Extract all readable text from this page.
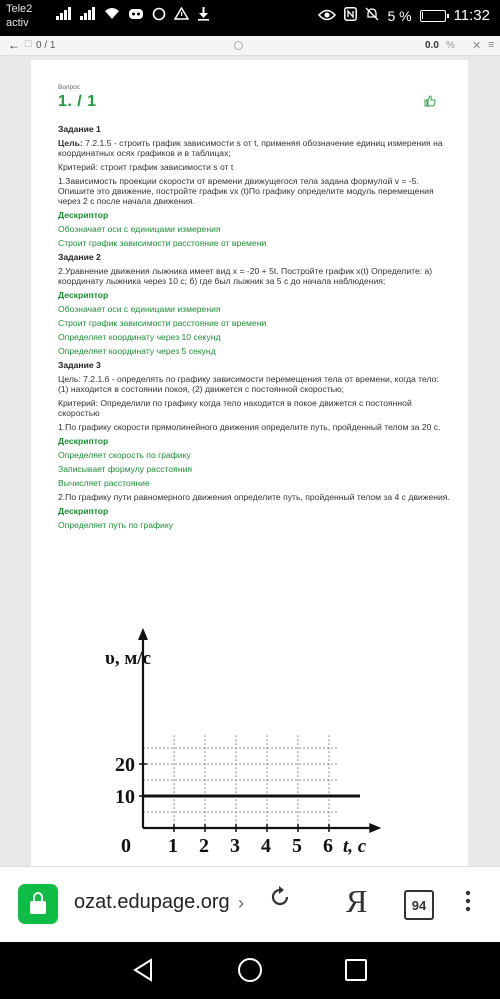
Tele2
activ	5 %	11:32
← ☐ 0 / 1	0.0 % ✕ ≡
Вопрос
1. / 1

Задание 1

Цель: 7.2.1.5 - строить график зависимости s от t, применяя обозначение единиц измерения на координатных осях графиков и в таблицах;

Критерий: строит график зависимости s от t

1.Зависимость проекции скорости от времени движущегося тела задана формулой v = -5. Опишите это движение, постройте график vx (t)По графику определите модуль перемещения через 2 с после начала движения.

Дескриптор

Обозначает оси с единицами измерения

Строит график зависимости расстояние от времени

Задание 2

2.Уравнение движения лыжника имеет вид x = -20 + 5t. Постройте график x(t) Определите: а) координату лыжника через 10 с; б) где был лыжник за 5 с до начала наблюдения;

Дескриптор

Обозначает оси с единицами измерения

Строит график зависимости расстояние от времени

Определяет координату через 10 секунд

Определяет координату через 5 секунд

Задание 3

Цель: 7.2.1.6 - определять по графику зависимости перемещения тела от времени, когда тело: (1) находится в состоянии покоя, (2) движется с постоянной скоростью;

Критерий: Определили по графику когда тело находится в покое движется с постоянной скоростью

1.По графику скорости прямолинейного движения определите путь, пройденный телом за 20 с.

Дескриптор

Определяет скорость по графику

Записывает формулу расстояния

Вычисляет расстояние

2.По графику пути равномерного движения определите путь, пройденный телом за 4 с движения.

Дескриптор

Определяет путь по графику

1 2 3 4 5 6
10
20
0
υ, м/с
t, с
ozat.edupage.org ›	Я	94
